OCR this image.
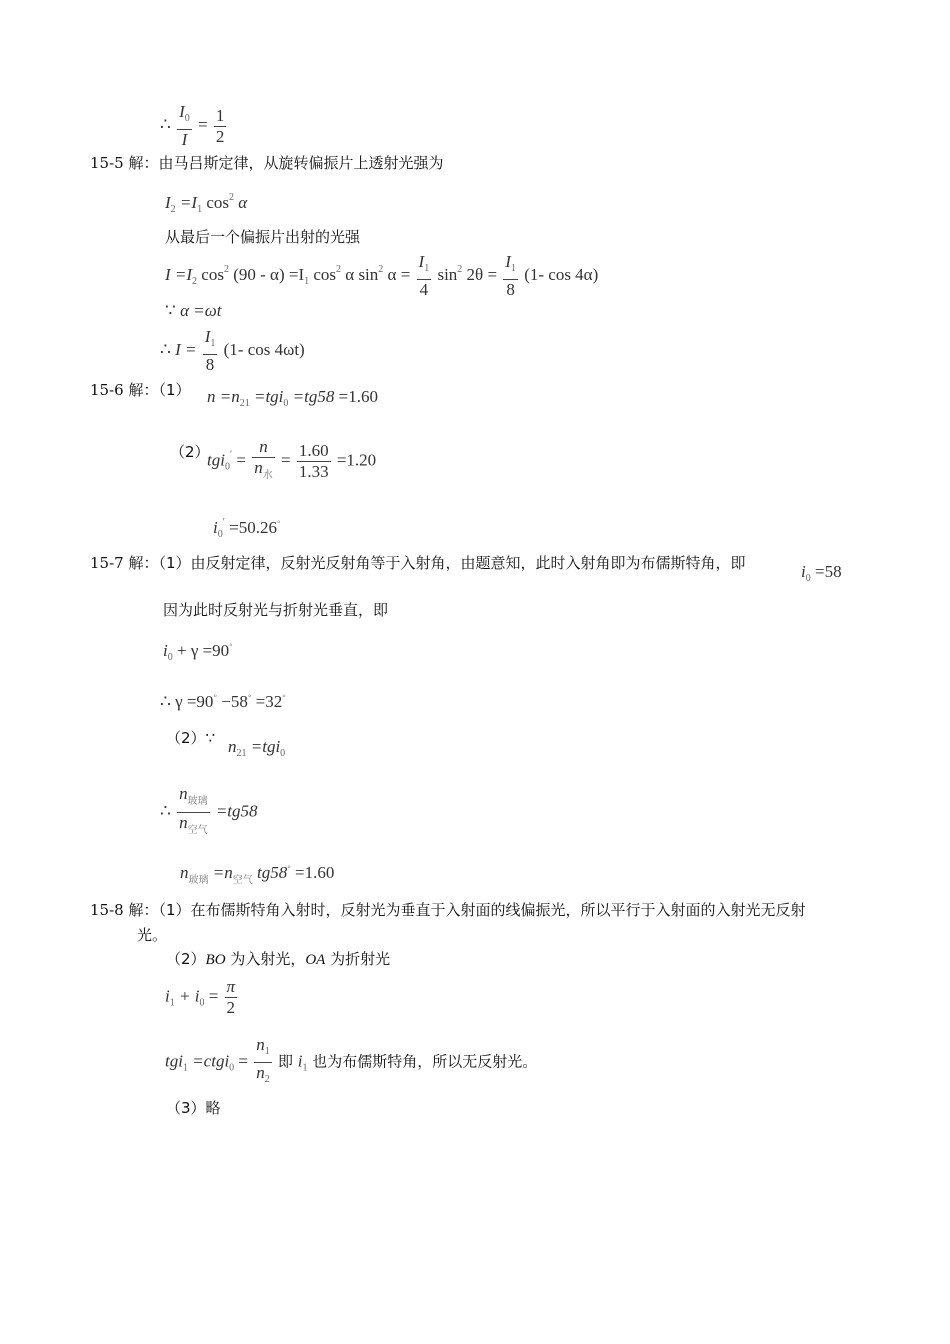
∴ $\frac{I_0}{I} = \frac{1}{2}$
15-5 解：由马吕斯定律，从旋转偏振片上透射光强为
$I_2 =I_1$ $\cos^2 \alpha$
从最后一个偏振片出射的光强
$I =I_2$ $\cos^2 (90 - \alpha) =I_1$ $\cos^2 \alpha$ $\sin^2 \alpha = \frac{I_1}{4} \sin^2 2\theta = \frac{I_1}{8} (1-$ cos 4α)
∵ α =ωt
∴ $I = \frac{I_1}{8} (1-$ cos 4ωt)
15-6 解：（1） $n =n_{21} =tgi_0 =tg58 =1.60$
（2）
$tgi_0' = \frac{n}{n_水} = \frac{1.60}{1.33} =1.20$
$i_0' =50.26^◦$
15-7 解：（1）由反射定律，反射光反射角等于入射角，由题意知，此时入射角即为布儒斯特角，即	$i_0 =58$
因为此时反射光与折射光垂直，即
$i_0 + \gamma =90^◦$
∴ γ =90◦ −58◦ =32◦
（2）∵ $n_{21} =tgi_0$
∴ $\frac{n_{玻璃}}{n_{空气}} =tg58$
$n_{玻璃} =n_{空气}$ tg58◦ =1.60
15-8 解：（1）在布儒斯特角入射时，反射光为垂直于入射面的线偏振光，所以平行于入射面的入射光无反射
光。
（2）BO 为入射光，OA 为折射光
$i_1 + i_0 = \frac{\pi}{2}$
tgi$_1$ =ctgi$_0$ = $\frac{n_1}{n_2}$ 即 $i_1$ 也为布儒斯特角，所以无反射光。
（3）略
